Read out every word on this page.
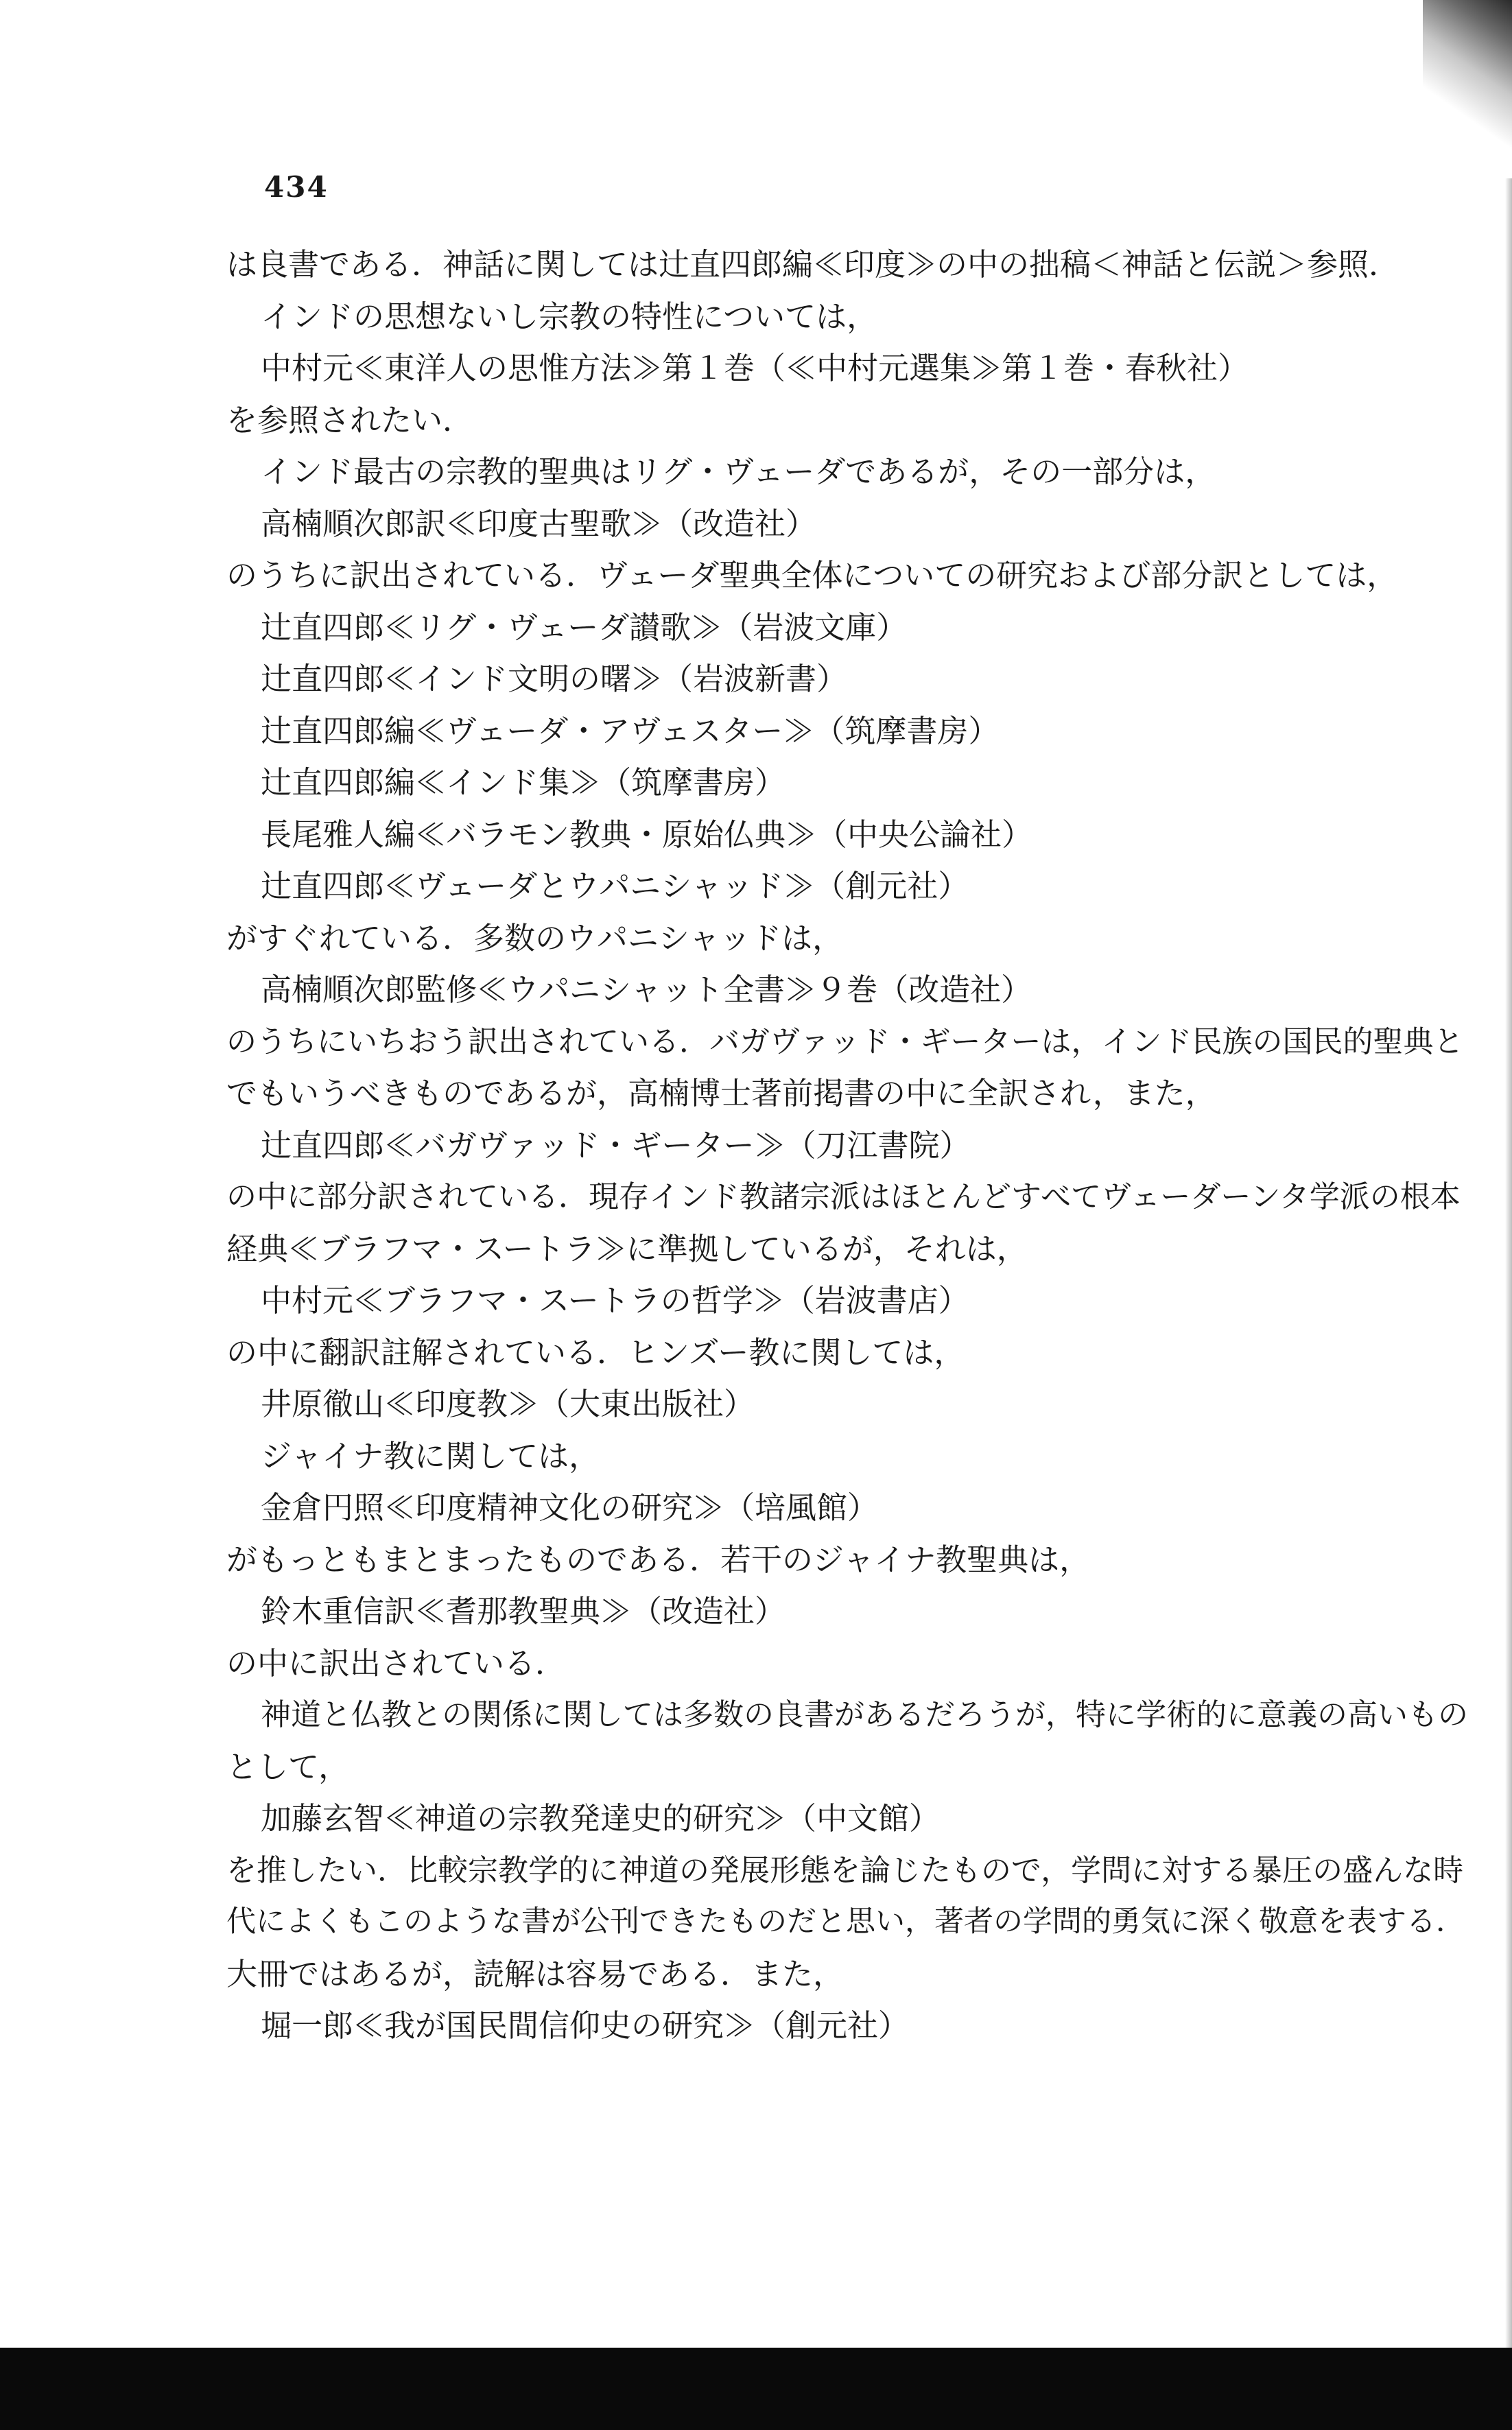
434
は良書である．神話に関しては辻直四郎編≪印度≫の中の拙稿＜神話と伝説＞参照．
インドの思想ないし宗教の特性については，
中村元≪東洋人の思惟方法≫第１巻（≪中村元選集≫第１巻・春秋社）
を参照されたい．
インド最古の宗教的聖典はリグ・ヴェーダであるが，その一部分は，
高楠順次郎訳≪印度古聖歌≫（改造社）
のうちに訳出されている．ヴェーダ聖典全体についての研究および部分訳としては，
辻直四郎≪リグ・ヴェーダ讃歌≫（岩波文庫）
辻直四郎≪インド文明の曙≫（岩波新書）
辻直四郎編≪ヴェーダ・アヴェスター≫（筑摩書房）
辻直四郎編≪インド集≫（筑摩書房）
長尾雅人編≪バラモン教典・原始仏典≫（中央公論社）
辻直四郎≪ヴェーダとウパニシャッド≫（創元社）
がすぐれている．多数のウパニシャッドは，
高楠順次郎監修≪ウパニシャット全書≫９巻（改造社）
のうちにいちおう訳出されている．バガヴァッド・ギーターは，インド民族の国民的聖典と
でもいうべきものであるが，高楠博士著前掲書の中に全訳され，また，
辻直四郎≪バガヴァッド・ギーター≫（刀江書院）
の中に部分訳されている．現存インド教諸宗派はほとんどすべてヴェーダーンタ学派の根本
経典≪ブラフマ・スートラ≫に準拠しているが，それは，
中村元≪ブラフマ・スートラの哲学≫（岩波書店）
の中に翻訳註解されている．ヒンズー教に関しては，
井原徹山≪印度教≫（大東出版社）
ジャイナ教に関しては，
金倉円照≪印度精神文化の研究≫（培風館）
がもっともまとまったものである．若干のジャイナ教聖典は，
鈴木重信訳≪耆那教聖典≫（改造社）
の中に訳出されている．
神道と仏教との関係に関しては多数の良書があるだろうが，特に学術的に意義の高いもの
として，
加藤玄智≪神道の宗教発達史的研究≫（中文館）
を推したい．比較宗教学的に神道の発展形態を論じたもので，学問に対する暴圧の盛んな時
代によくもこのような書が公刊できたものだと思い，著者の学問的勇気に深く敬意を表する．
大冊ではあるが，読解は容易である．また，
堀一郎≪我が国民間信仰史の研究≫（創元社）
